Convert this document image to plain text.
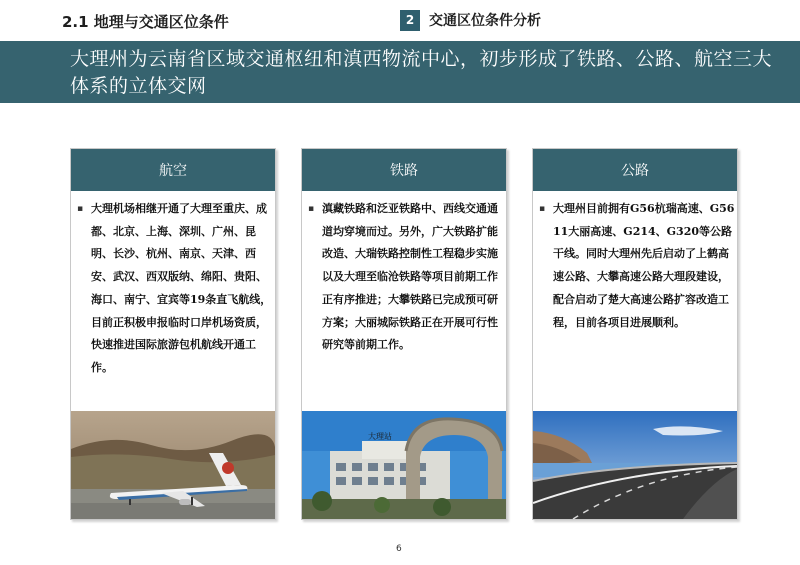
2.1 地理与交通区位条件	2	交通区位条件分析
大理州为云南省区域交通枢纽和滇西物流中心，初步形成了铁路、公路、航空三大体系的立体交网
航空
▪ 大理机场相继开通了大理至重庆、成都、北京、上海、深圳、广州、昆明、长沙、杭州、南京、天津、西安、武汉、西双版纳、绵阳、贵阳、海口、南宁、宜宾等19条直飞航线，目前正积极申报临时口岸机场资质，快速推进国际旅游包机航线开通工作。
铁路
▪ 滇藏铁路和泛亚铁路中、西线交通通道均穿境而过。另外，广大铁路扩能改造、大瑞铁路控制性工程稳步实施以及大理至临沧铁路等项目前期工作正有序推进；大攀铁路已完成预可研方案；大丽城际铁路正在开展可行性研究等前期工作。
大理站
公路
▪ 大理州目前拥有G56杭瑞高速、G5611大丽高速、G214、G320等公路干线。同时大理州先后启动了上鹤高速公路、大攀高速公路大理段建设，配合启动了楚大高速公路扩容改造工程，目前各项目进展顺利。
6
